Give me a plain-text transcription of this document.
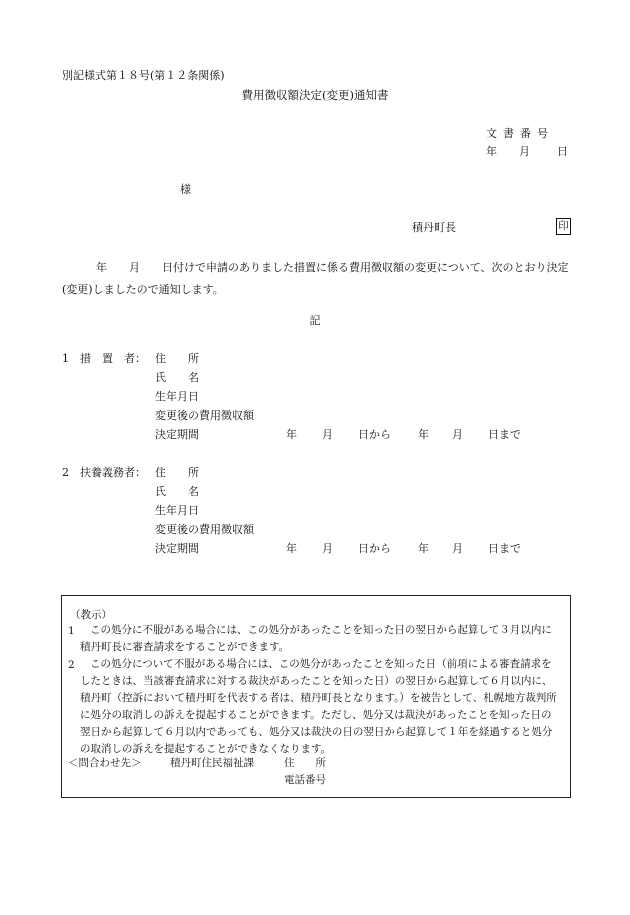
別記様式第１８号(第１２条関係)
費用徴収額決定(変更)通知書
文書番号
年 月 日
様
積丹町長	印
年　　月　　日付けで申請のありました措置に係る費用徴収額の変更について、次のとおり決定(変更)しましたので通知します。
記
1　措　置　者： 住　　所
氏　　名
生年月日
変更後の費用徴収額
決定期間	年 月 日から 年 月 日まで
2　扶養義務者： 住　　所
氏　　名
生年月日
変更後の費用徴収額
決定期間	年 月 日から 年 月 日まで
（教示）
1	この処分に不服がある場合には、この処分があったことを知った日の翌日から起算して３月以内に積丹町長に審査請求をすることができます。
2	この処分について不服がある場合には、この処分があったことを知った日（前項による審査請求をしたときは、当該審査請求に対する裁決があったことを知った日）の翌日から起算して６月以内に、積丹町（控訴において積丹町を代表する者は、積丹町長となります。）を被告として、札幌地方裁判所に処分の取消しの訴えを提起することができます。ただし、処分又は裁決があったことを知った日の翌日から起算して６月以内であっても、処分又は裁決の日の翌日から起算して１年を経過すると処分の取消しの訴えを提起することができなくなります。
＜問合わせ先＞	積丹町住民福祉課	住　　所
電話番号
